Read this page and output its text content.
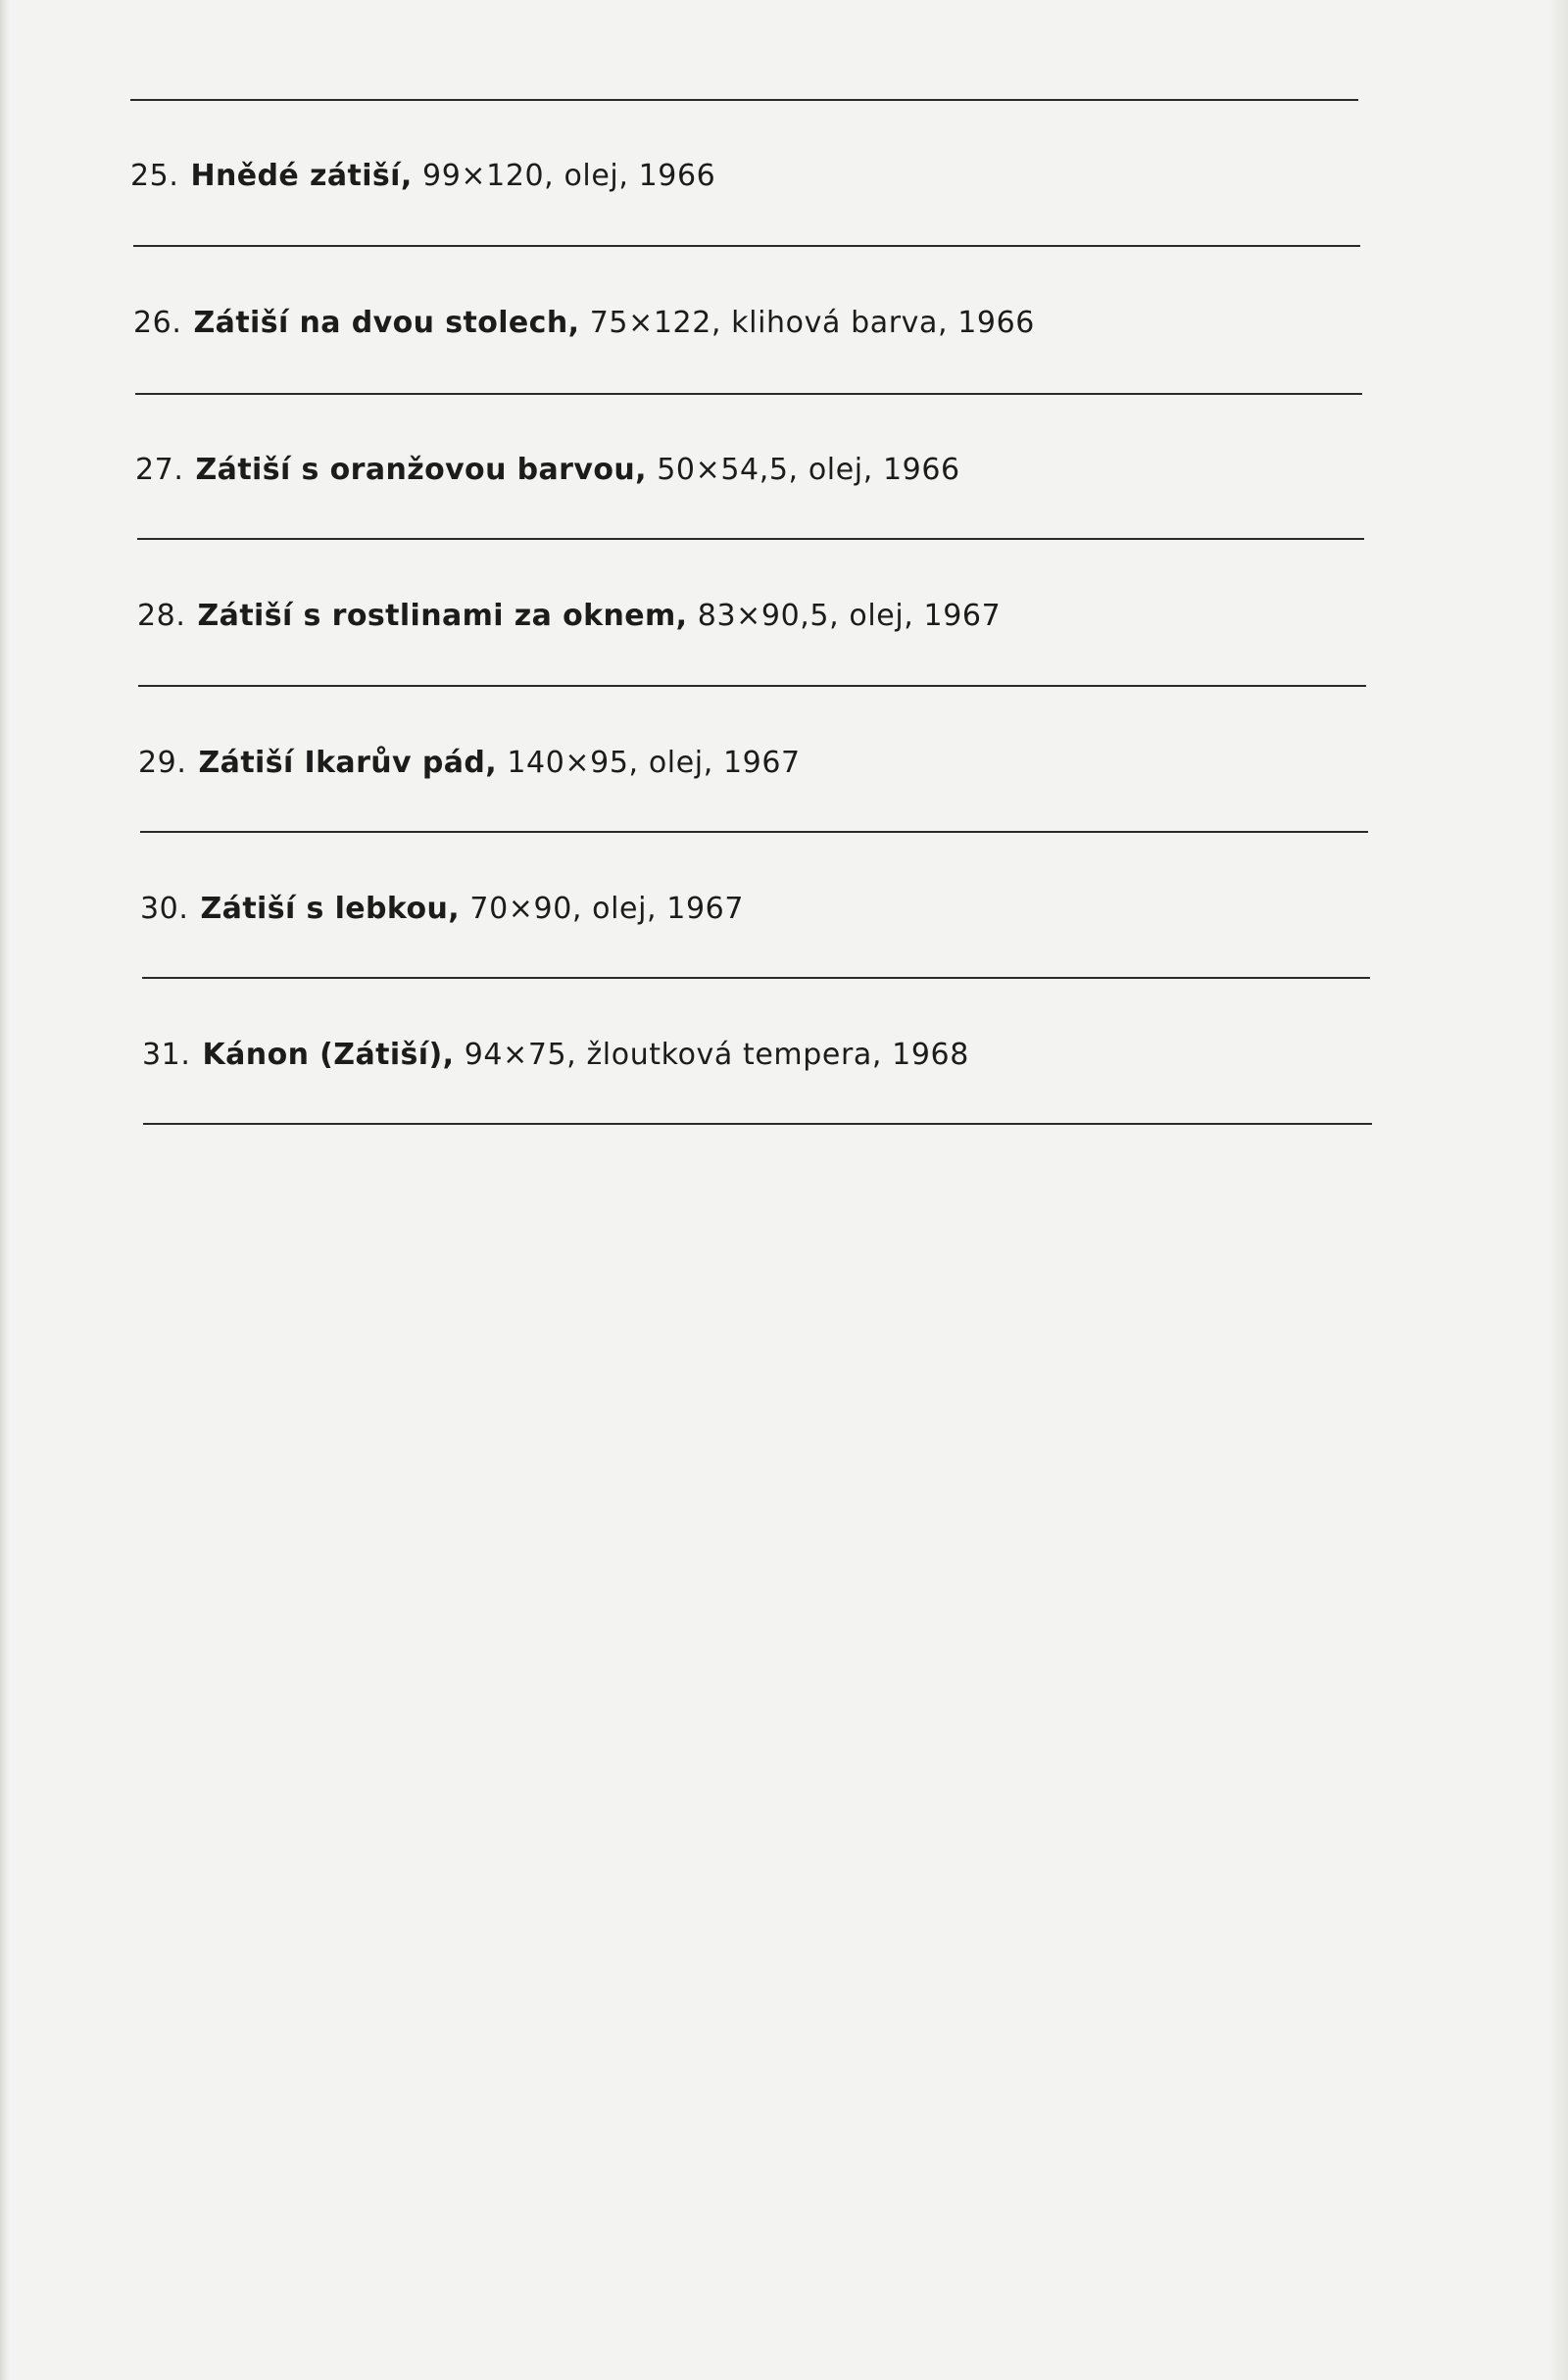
25. Hnědé zátiší, 99×120, olej, 1966
26. Zátiší na dvou stolech, 75×122, klihová barva, 1966
27. Zátiší s oranžovou barvou, 50×54,5, olej, 1966
28. Zátiší s rostlinami za oknem, 83×90,5, olej, 1967
29. Zátiší Ikarův pád, 140×95, olej, 1967
30. Zátiší s lebkou, 70×90, olej, 1967
31. Kánon (Zátiší), 94×75, žloutková tempera, 1968
